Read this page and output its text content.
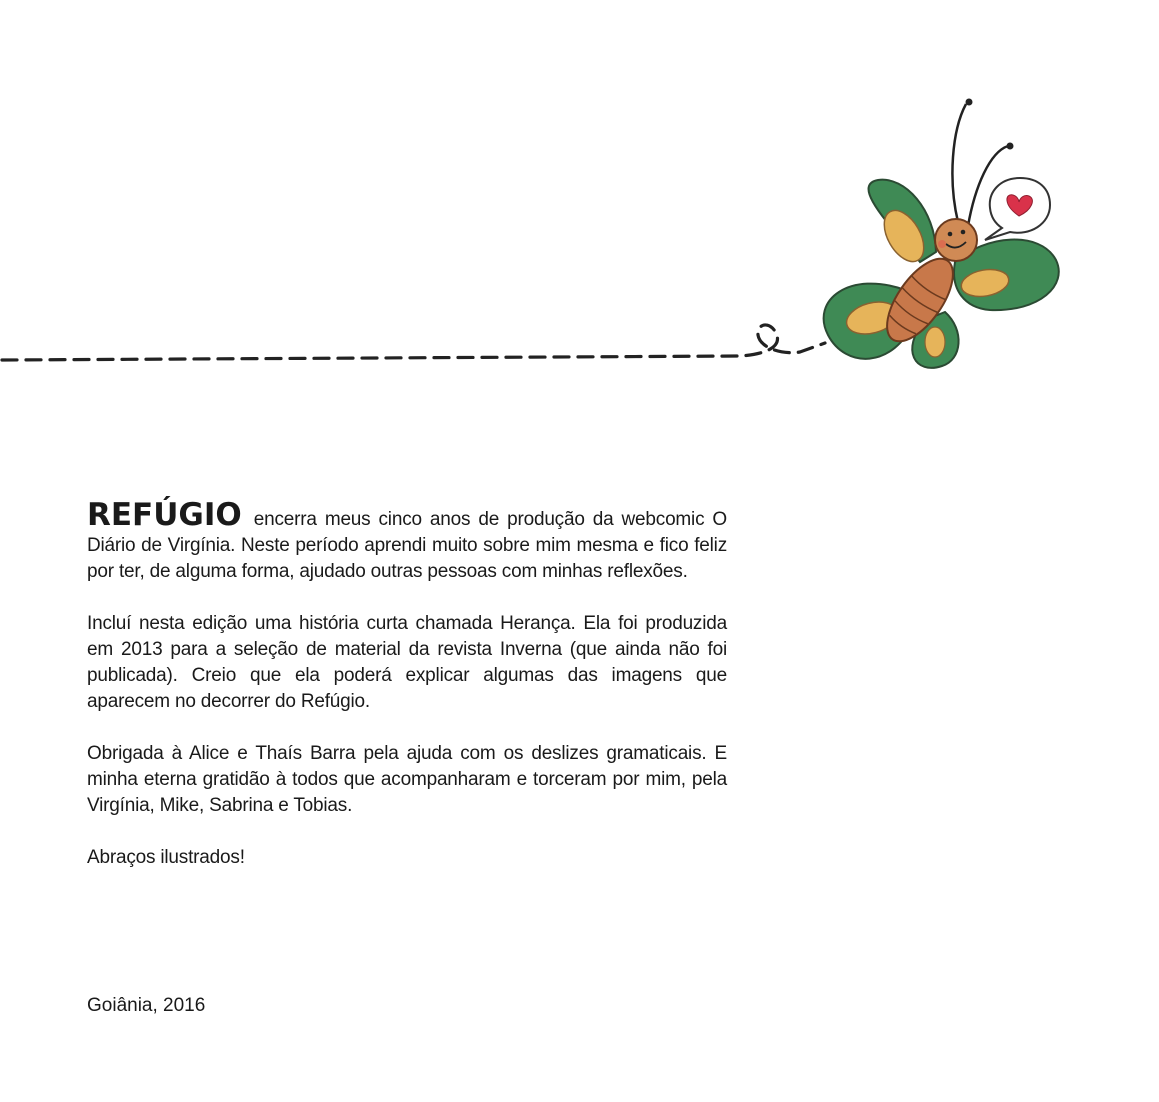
REFÚGIO encerra meus cinco anos de produção da webcomic O Diário de Virgínia. Neste período aprendi muito sobre mim mesma e fico feliz por ter, de alguma forma, ajudado outras pessoas com minhas reflexões.

Incluí nesta edição uma história curta chamada Herança. Ela foi produzida em 2013 para a seleção de material da revista Inverna (que ainda não foi publicada). Creio que ela poderá explicar algumas das imagens que aparecem no decorrer do Refúgio.

Obrigada à Alice e Thaís Barra pela ajuda com os deslizes gramaticais. E minha eterna gratidão à todos que acompanharam e torceram por mim, pela Virgínia, Mike, Sabrina e Tobias.

Abraços ilustrados!

Goiânia, 2016
